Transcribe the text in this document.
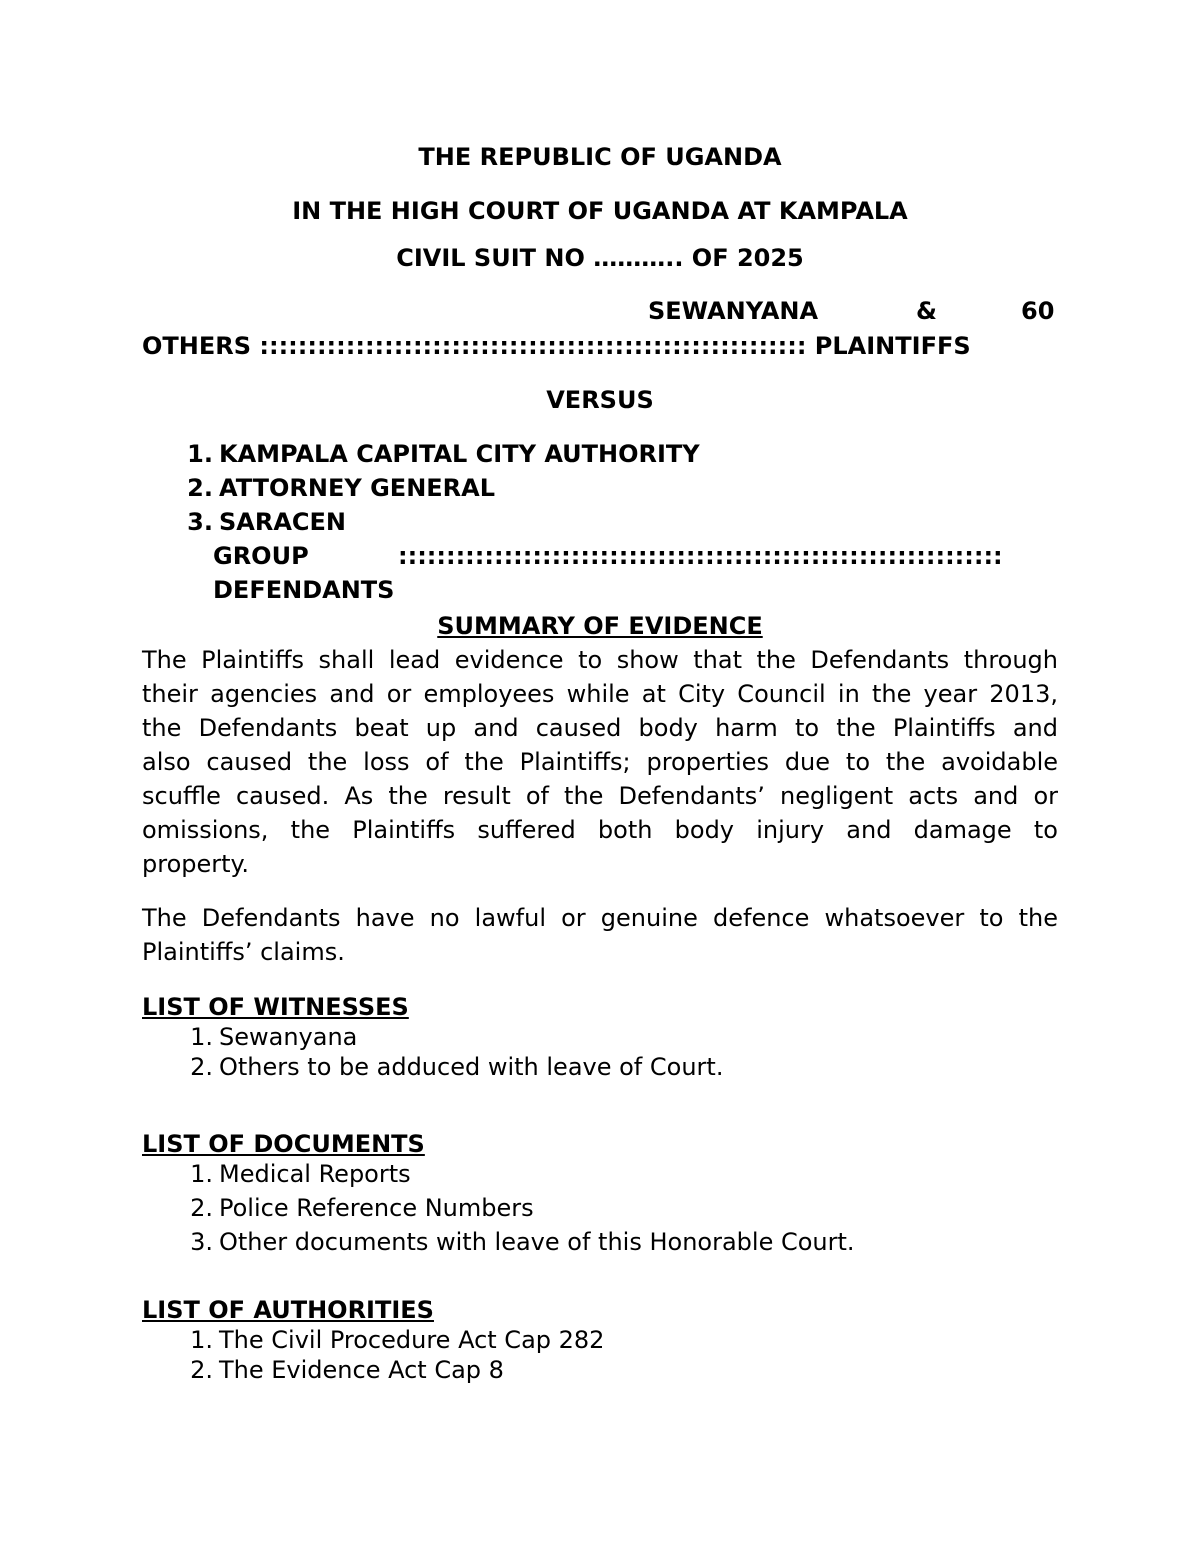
THE REPUBLIC OF UGANDA
IN THE HIGH COURT OF UGANDA AT KAMPALA
CIVIL SUIT NO ……….. OF 2025
SEWANYANA	&	60
OTHERS ::::::::::::::::::::::::::::::::::::::::::::::::::::::::: PLAINTIFFS
VERSUS
1. KAMPALA CAPITAL CITY AUTHORITY
2. ATTORNEY GENERAL
3. SARACEN
GROUP	:::::::::::::::::::::::::::::::::::::::::::::::::::::::::::::::
DEFENDANTS
SUMMARY OF EVIDENCE
The Plaintiffs shall lead evidence to show that the Defendants through
their agencies and or employees while at City Council in the year 2013,
the Defendants beat up and caused body harm to the Plaintiffs and
also caused the loss of the Plaintiffs; properties due to the avoidable
scuffle caused. As the result of the Defendants’ negligent acts and or
omissions, the Plaintiffs suffered both body injury and damage to
property.
The Defendants have no lawful or genuine defence whatsoever to the
Plaintiffs’ claims.
LIST OF WITNESSES
1. Sewanyana
2. Others to be adduced with leave of Court.
LIST OF DOCUMENTS
1. Medical Reports
2. Police Reference Numbers
3. Other documents with leave of this Honorable Court.
LIST OF AUTHORITIES
1. The Civil Procedure Act Cap 282
2. The Evidence Act Cap 8
